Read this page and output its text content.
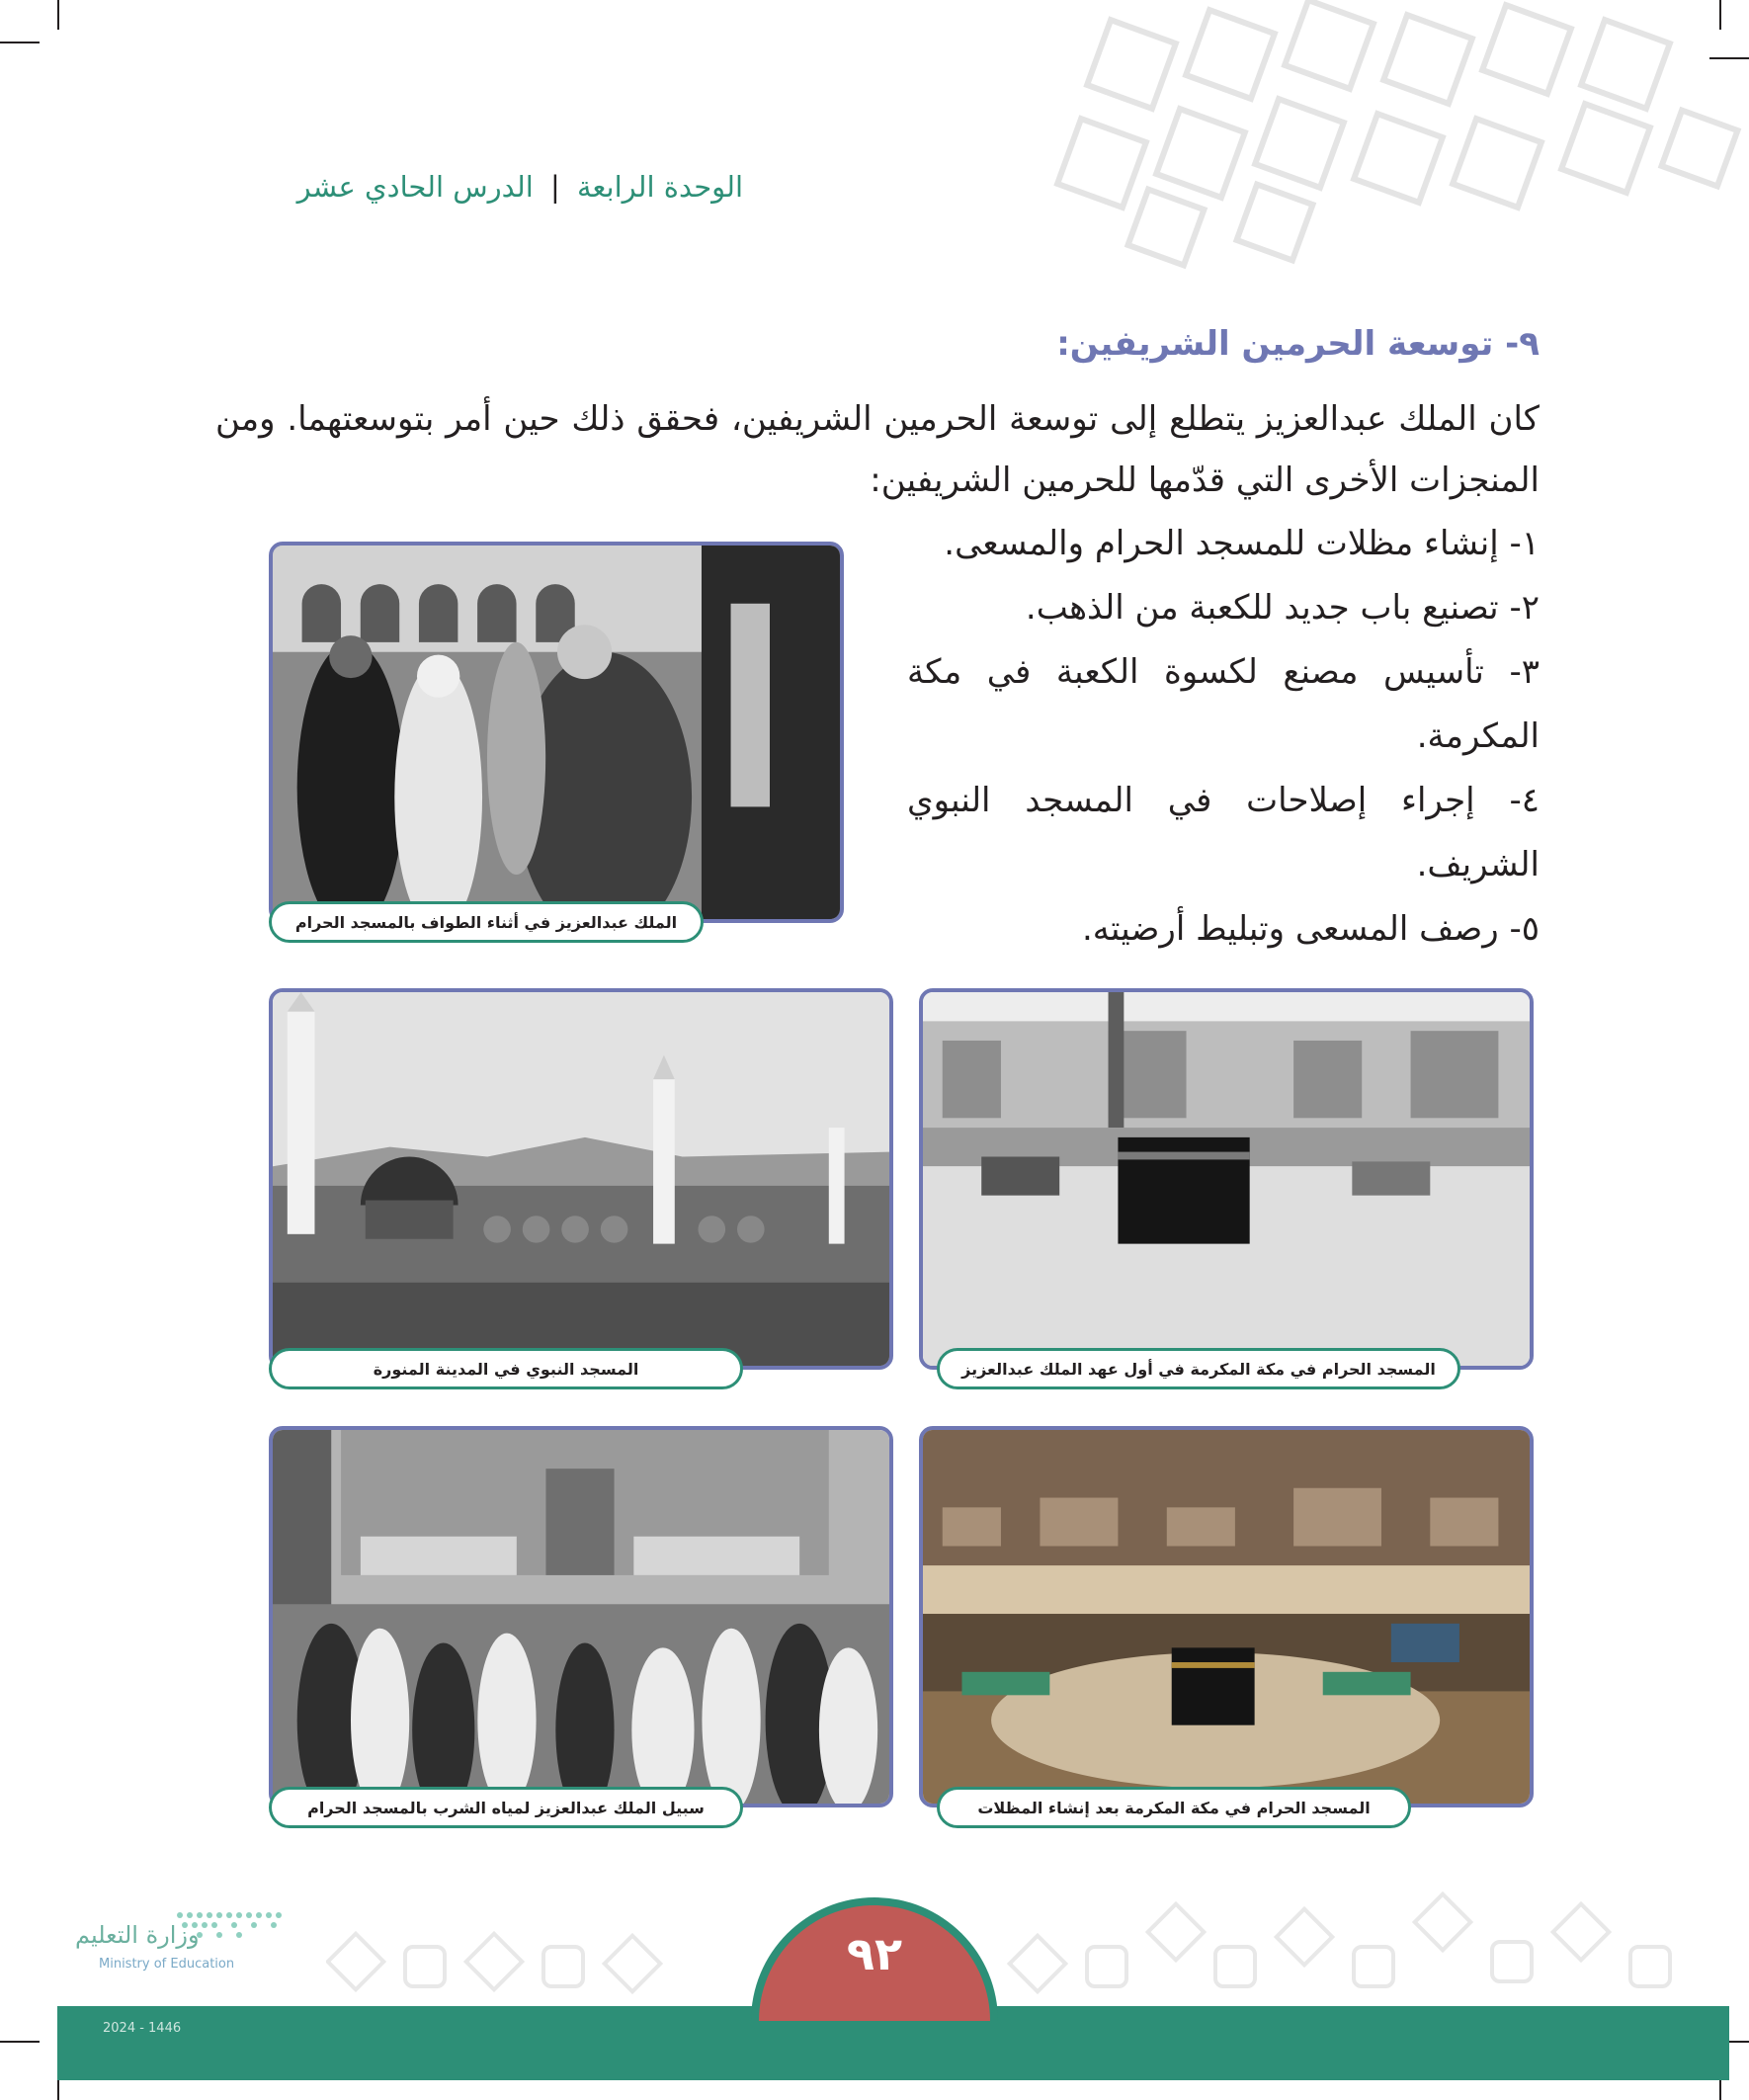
الوحدة الرابعة | الدرس الحادي عشر
٩- توسعة الحرمين الشريفين:
كان الملك عبدالعزيز يتطلع إلى توسعة الحرمين الشريفين، فحقق ذلك حين أمر بتوسعتهما. ومن المنجزات الأخرى التي قدّمها للحرمين الشريفين:
١- إنشاء مظلات للمسجد الحرام والمسعى.
٢- تصنيع باب جديد للكعبة من الذهب.
٣- تأسيس مصنع لكسوة الكعبة في مكة المكرمة.
٤- إجراء إصلاحات في المسجد النبوي الشريف.
٥- رصف المسعى وتبليط أرضيته.
الملك عبدالعزيز في أثناء الطواف بالمسجد الحرام
المسجد الحرام في مكة المكرمة في أول عهد الملك عبدالعزيز
المسجد النبوي في المدينة المنورة
المسجد الحرام في مكة المكرمة بعد إنشاء المظلات
سبيل الملك عبدالعزيز لمياه الشرب بالمسجد الحرام
٩٢
وزارة التعليم
Ministry of Education
2024 - 1446
